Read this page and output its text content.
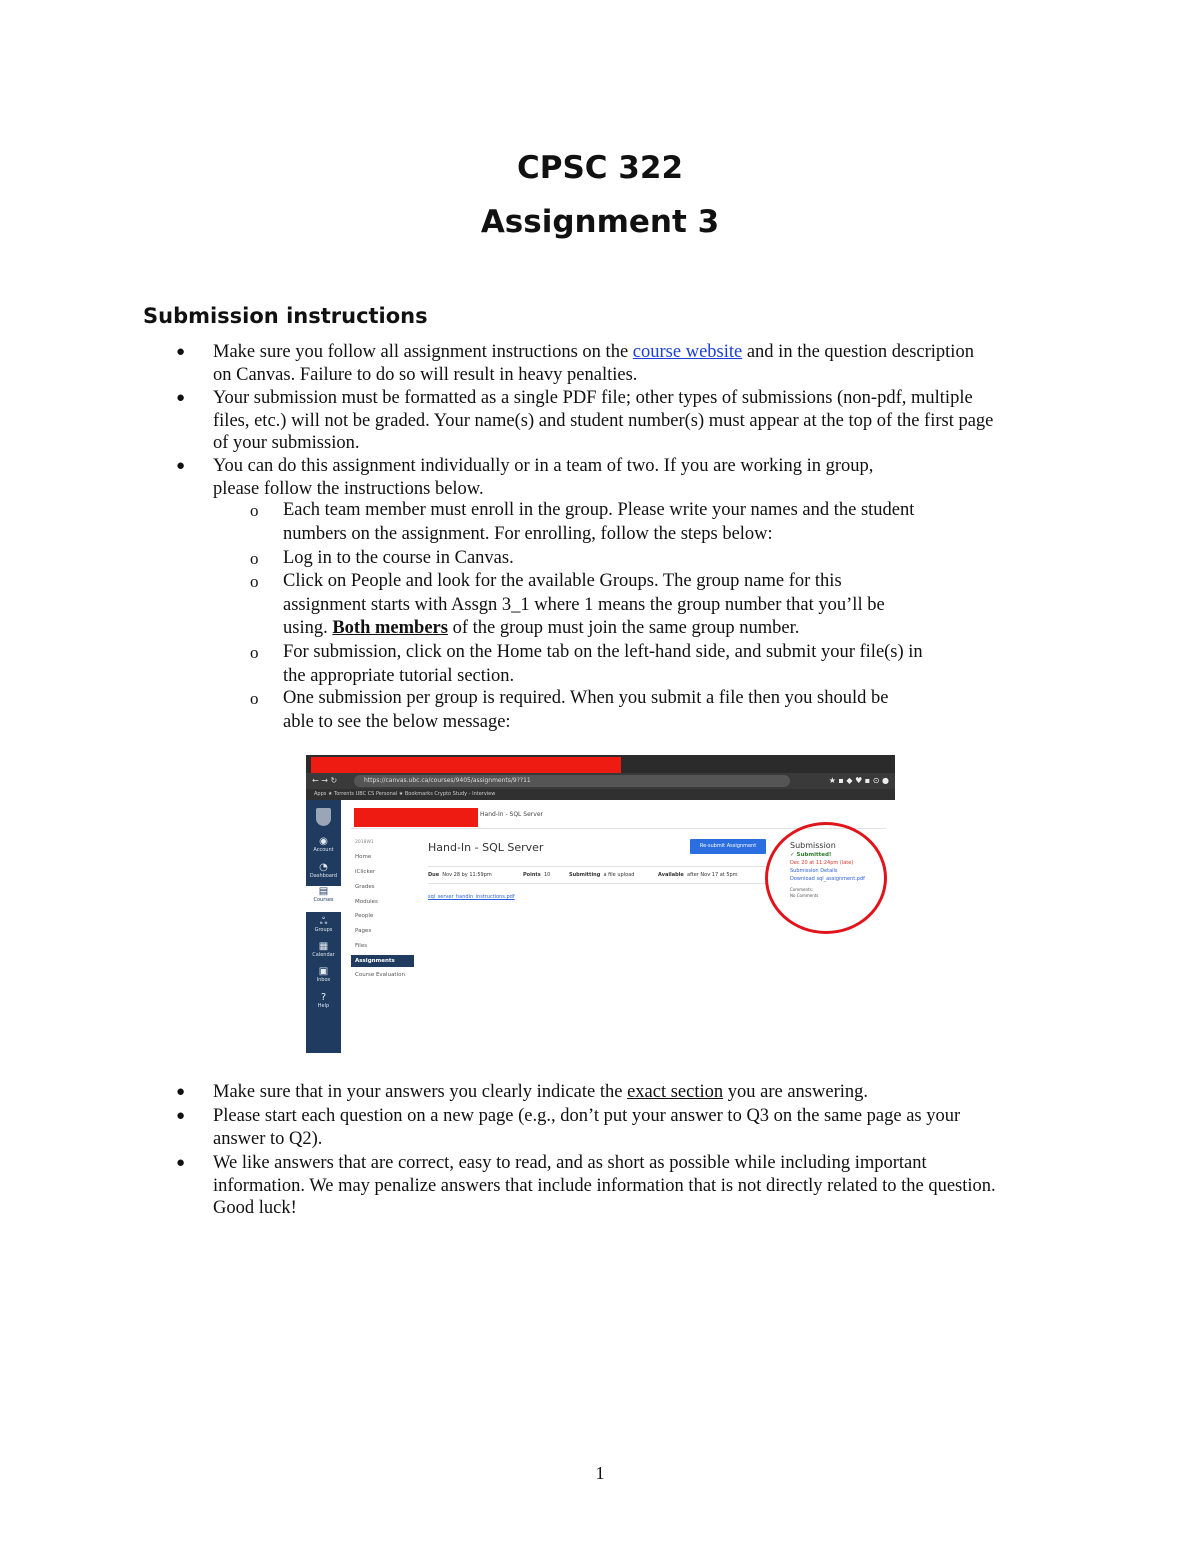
CPSC 322
Assignment 3
Submission instructions
● Make sure you follow all assignment instructions on the course website and in the question description
on Canvas. Failure to do so will result in heavy penalties.
● Your submission must be formatted as a single PDF file; other types of submissions (non-pdf, multiple
files, etc.) will not be graded. Your name(s) and student number(s) must appear at the top of the first page
of your submission.
● You can do this assignment individually or in a team of two. If you are working in group,
please follow the instructions below.
o Each team member must enroll in the group. Please write your names and the student
numbers on the assignment. For enrolling, follow the steps below:
o Log in to the course in Canvas.
o Click on People and look for the available Groups. The group name for this
assignment starts with Assgn 3_1 where 1 means the group number that you’ll be
using. Both members of the group must join the same group number.
o For submission, click on the Home tab on the left-hand side, and submit your file(s) in
the appropriate tutorial section.
o One submission per group is required. When you submit a file then you should be
able to see the below message:
← → ↻	https://canvas.ubc.ca/courses/9405/assignments/9??11	★ ▪ ◆ ♥ ▪ ⊙ ●
Apps ★ Torrents UBC CS Personal ★ Bookmarks Crypto Study - Interview
◉
Account
◔
Dashboard
▤
Courses
ஃ
Groups
▦
Calendar
▣
Inbox
?
Help
Hand-In - SQL Server
2018W1
Home
iClicker
Grades
Modules
People
Pages
Files
Assignments
Course Evaluation
Hand-In - SQL Server	Re-submit Assignment
Due Nov 28 by 11:59pm	Points 10	Submitting a file upload	Available after Nov 17 at 5pm
sql_server_handin_instructions.pdf
Submission
✓ Submitted!
Dec 20 at 11:24pm (late)
Submission Details
Download sql_assignment.pdf
Comments:
No Comments
● Make sure that in your answers you clearly indicate the exact section you are answering.
● Please start each question on a new page (e.g., don’t put your answer to Q3 on the same page as your
answer to Q2).
● We like answers that are correct, easy to read, and as short as possible while including important
information. We may penalize answers that include information that is not directly related to the question.
Good luck!
1
